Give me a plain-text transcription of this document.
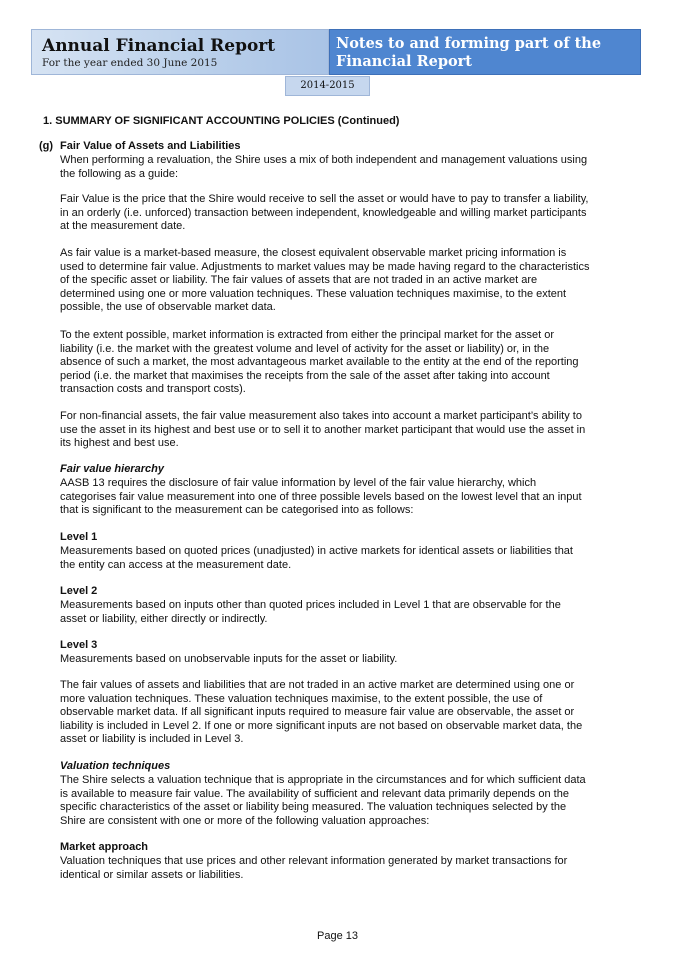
Annual Financial Report
For the year ended 30 June 2015
Notes to and forming part of the Financial Report
2014-2015
1. SUMMARY OF SIGNIFICANT ACCOUNTING POLICIES (Continued)
(g) Fair Value of Assets and Liabilities

When performing a revaluation, the Shire uses a mix of both independent and management valuations using the following as a guide:

Fair Value is the price that the Shire would receive to sell the asset or would have to pay to transfer a liability, in an orderly (i.e. unforced) transaction between independent, knowledgeable and willing market participants at the measurement date.

As fair value is a market-based measure, the closest equivalent observable market pricing information is used to determine fair value. Adjustments to market values may be made having regard to the characteristics of the specific asset or liability. The fair values of assets that are not traded in an active market are determined using one or more valuation techniques. These valuation techniques maximise, to the extent possible, the use of observable market data.

To the extent possible, market information is extracted from either the principal market for the asset or liability (i.e. the market with the greatest volume and level of activity for the asset or liability) or, in the absence of such a market, the most advantageous market available to the entity at the end of the reporting period (i.e. the market that maximises the receipts from the sale of the asset after taking into account transaction costs and transport costs).

For non-financial assets, the fair value measurement also takes into account a market participant’s ability to use the asset in its highest and best use or to sell it to another market participant that would use the asset in its highest and best use.

Fair value hierarchy

AASB 13 requires the disclosure of fair value information by level of the fair value hierarchy, which categorises fair value measurement into one of three possible levels based on the lowest level that an input that is significant to the measurement can be categorised into as follows:

Level 1

Measurements based on quoted prices (unadjusted) in active markets for identical assets or liabilities that the entity can access at the measurement date.

Level 2

Measurements based on inputs other than quoted prices included in Level 1 that are observable for the asset or liability, either directly or indirectly.

Level 3

Measurements based on unobservable inputs for the asset or liability.

The fair values of assets and liabilities that are not traded in an active market are determined using one or more valuation techniques. These valuation techniques maximise, to the extent possible, the use of observable market data. If all significant inputs required to measure fair value are observable, the asset or liability is included in Level 2. If one or more significant inputs are not based on observable market data, the asset or liability is included in Level 3.

Valuation techniques

The Shire selects a valuation technique that is appropriate in the circumstances and for which sufficient data is available to measure fair value. The availability of sufficient and relevant data primarily depends on the specific characteristics of the asset or liability being measured. The valuation techniques selected by the Shire are consistent with one or more of the following valuation approaches:

Market approach

Valuation techniques that use prices and other relevant information generated by market transactions for identical or similar assets or liabilities.

Page 13
